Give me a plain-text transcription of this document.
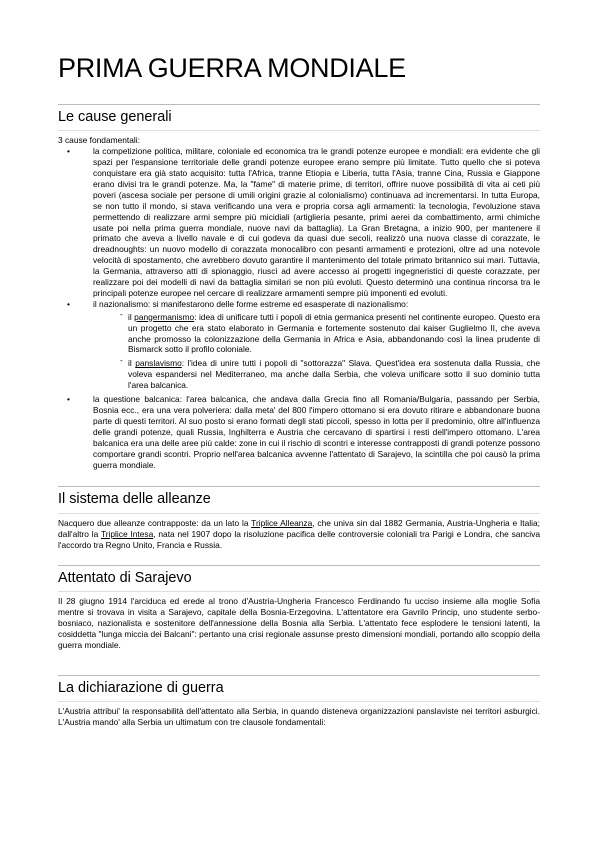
PRIMA GUERRA MONDIALE
Le cause generali

3 cause fondamentali:

• la competizione politica, militare, coloniale ed economica tra le grandi potenze europee e mondiali: era evidente che gli spazi per l'espansione territoriale delle grandi potenze europee erano sempre più limitate. Tutto quello che si poteva conquistare era già stato acquisito: tutta l'Africa, tranne Etiopia e Liberia, tutta l'Asia, tranne Cina, Russia e Giappone erano divisi tra le grandi potenze. Ma, la "fame" di materie prime, di territori, offrire nuove possibilità di vita ai ceti più poveri (ascesa sociale per persone di umili origini grazie al colonialismo) continuava ad incrementarsi. In tutta Europa, se non tutto il mondo, si stava verificando una vera e propria corsa agli armamenti: la tecnologia, l'evoluzione stava permettendo di realizzare armi sempre più micidiali (artiglieria pesante, primi aerei da combattimento, armi chimiche usate poi nella prima guerra mondiale, nuove navi da battaglia). La Gran Bretagna, a inizio 900, per mantenere il primato che aveva a livello navale e di cui godeva da quasi due secoli, realizzò una nuova classe di corazzate, le dreadnoughts: un nuovo modello di corazzata monocalibro con pesanti armamenti e protezioni, oltre ad una notevole velocità di spostamento, che avrebbero dovuto garantire il mantenimento del totale primato britannico sui mari. Tuttavia, la Germania, attraverso atti di spionaggio, riuscì ad avere accesso ai progetti ingegneristici di queste corazzate, per realizzare poi dei modelli di navi da battaglia similari se non più evoluti. Questo determinò una continua rincorsa tra le principali potenze europee nel cercare di realizzare armamenti sempre più imponenti ed evoluti.
• il nazionalismo: si manifestarono delle forme estreme ed esasperate di nazionalismo:
- il pangermanismo: idea di unificare tutti i popoli di etnia germanica presenti nel continente europeo. Questo era un progetto che era stato elaborato in Germania e fortemente sostenuto dai kaiser Guglielmo II, che aveva anche promosso la colonizzazione della Germania in Africa e Asia, abbandonando così la linea prudente di Bismarck sotto il profilo coloniale.
- il panslavismo: l'idea di unire tutti i popoli di "sottorazza" Slava. Quest'idea era sostenuta dalla Russia, che voleva espandersi nel Mediterraneo, ma anche dalla Serbia, che voleva unificare sotto il suo dominio tutta l'area balcanica.
• la questione balcanica: l'area balcanica, che andava dalla Grecia fino all Romania/Bulgaria, passando per Serbia, Bosnia ecc., era una vera polveriera: dalla meta' del 800 l'impero ottomano si era dovuto ritirare e abbandonare buona parte di questi territori. Al suo posto si erano formati degli stati piccoli, spesso in lotta per il predominio, oltre all'influenza delle grandi potenze, quali Russia, Inghilterra e Austria che cercavano di spartirsi i resti dell'impero ottomano. L'area balcanica era una delle aree più calde: zone in cui il rischio di scontri e interesse contrapposti di grandi potenze possono comportare grandi scontri. Proprio nell'area balcanica avvenne l'attentato di Sarajevo, la scintilla che poi causò la prima guerra mondiale.
Il sistema delle alleanze

Nacquero due alleanze contrapposte: da un lato la Triplice Alleanza, che univa sin dal 1882 Germania, Austria-Ungheria e Italia; dall'altro la Triplice Intesa, nata nel 1907 dopo la risoluzione pacifica delle controversie coloniali tra Parigi e Londra, che sanciva l'accordo tra Regno Unito, Francia e Russia.

Attentato di Sarajevo

Il 28 giugno 1914 l'arciduca ed erede al trono d'Austria-Ungheria Francesco Ferdinando fu ucciso insieme alla moglie Sofia mentre si trovava in visita a Sarajevo, capitale della Bosnia-Erzegovina. L'attentatore era Gavrilo Princip, uno studente serbo-bosniaco, nazionalista e sostenitore dell'annessione della Bosnia alla Serbia. L'attentato fece esplodere le tensioni latenti, la cosiddetta "lunga miccia dei Balcani": pertanto una crisi regionale assunse presto dimensioni mondiali, portando allo scoppio della guerra mondiale.

La dichiarazione di guerra

L'Austria attribui' la responsabilità dell'attentato alla Serbia, in quando disteneva organizzazioni panslaviste nei territori asburgici. L'Austria mando' alla Serbia un ultimatum con tre clausole fondamentali:
